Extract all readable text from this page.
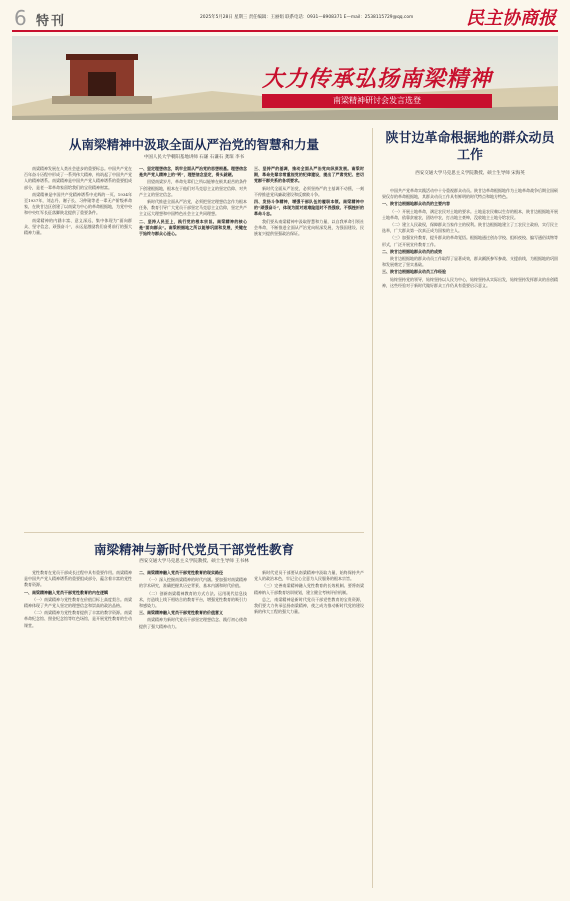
6 特刊	2025年5月28日 星期三 责任编辑：王丽娟 联系电话：0931—8908371 E—mail：2538115729@qq.com	民主协商报
大力传承弘扬南梁精神
南梁精神研讨会发言选登
从南梁精神中汲取全面从严治党的智慧和力量
中国人民大学朝阳基地讲师 石谦 石谦石 龚琛 李书

南梁精神发展在人类社会进步的重要标志。中国共产党在百年奋斗历程中形成了一系列伟大精神，构筑起了中国共产党人的精神谱系。南梁精神是中国共产党人精神谱系的重要组成部分，是老一辈革命家留给我们的宝贵精神财富。

南梁精神是中国共产党精神谱系中光辉的一页。1934年至1937年，刘志丹、谢子长、习仲勋等老一辈无产阶级革命家，在陕甘边区创建了以南梁为中心的革命根据地，为党中央和中央红军长征落脚陕北提供了重要条件。

南梁精神的内涵丰富、意义深远，集中体现为“面向群众、坚守信念、顽强奋斗”，永远是激励我们奋勇前行的强大精神力量。

一、坚定理想信念，筑牢全面从严治党的思想根基。理想信念是共产党人精神上的“钙”，理想信念坚定，骨头就硬。

回望南梁岁月，革命先辈们之所以能够在极其艰苦的条件下创建根据地，根本在于他们对马克思主义的坚定信仰、对共产主义的坚定信念。

新时代推进全面从严治党，必须把坚定理想信念作为根本任务，教育引导广大党员干部坚定马克思主义信仰，坚定共产主义远大理想和中国特色社会主义共同理想。

二、坚持人民至上，践行党的根本宗旨。南梁精神的核心是“面向群众”。南梁根据地之所以能够巩固和发展，关键在于始终与群众心连心。

三、坚持严的基调，推动全面从严治党向纵深发展。南梁时期，革命先辈非常重视党的纪律建设，提出了严肃党纪、密切党群干群关系的各项要求。

新时代全面从严治党，必须坚持严的主基调不动摇，一刻不停推进党风廉政建设和反腐败斗争。

四、发扬斗争精神，增强干部队伍的履职本领。南梁精神中的“顽强奋斗”，体现为面对艰难险阻时不畏强敌、不惧挫折的革命斗志。

我们要从南梁精神中汲取智慧和力量，以自我革命引领社会革命，不断推进全面从严治党向纵深发展，为强国建设、民族复兴提供坚强政治保证。

陕甘边革命根据地的群众动员工作
西安交通大学马克思主义学院教授、硕士生导师 宋海英

中国共产党革命实践活动中十分重视群众动员。陕甘边革命根据地作为土地革命战争后期全国硕果仅存的革命根据地，其群众动员工作具有鲜明的时代特点和地方特色。

一、陕甘边根据地群众动员的主要内容

（一）开展土地革命，满足农民对土地的要求。土地是农民赖以生存的根本，陕甘边根据地开展土地革命，依靠贫雇农，团结中农，打击地主豪绅，没收地主土地分给农民。

（二）建立人民政权，保障群众当家作主的权利。陕甘边根据地建立了工农民主政府，实行民主选举，广大群众第一次真正成为国家的主人。

（三）加强宣传教育，提升群众的革命觉悟。根据地通过创办学校、组织夜校、编写通俗读物等形式，广泛开展宣传教育工作。

二、陕甘边根据地群众动员的成效

陕甘边根据地的群众动员工作取得了显著成效，群众踊跃参军参战、支援前线，为根据地的巩固和发展奠定了坚实基础。

三、陕甘边根据地群众动员工作经验

始终坚持党的领导，始终坚持以人民为中心，始终坚持从实际出发，始终坚持发挥群众的首创精神，这些经验对于新时代做好群众工作仍具有重要启示意义。

南梁精神与新时代党员干部党性教育
西安交通大学马克思主义学院教授、硕士生导师 王书林

党性教育在党员干部成长过程中具有重要作用。南梁精神是中国共产党人精神谱系的重要组成部分，蕴含着丰富的党性教育资源。

一、南梁精神融入党员干部党性教育的内在逻辑

（一）南梁精神与党性教育在价值目标上高度契合。南梁精神体现了共产党人坚定的理想信念和崇高的政治品格。

（二）南梁精神为党性教育提供了丰富的教学资源。南梁革命纪念馆、照金纪念馆等红色场馆，是开展党性教育的生动课堂。

二、南梁精神融入党员干部党性教育的现实路径

（一）深入挖掘南梁精神的时代内涵。要加强对南梁精神的学术研究，准确把握其历史背景、基本内涵和时代价值。

（二）创新南梁精神教育的方式方法。运用现代信息技术，打造线上线下相结合的教育平台，增强党性教育的吸引力和感染力。

三、南梁精神融入党员干部党性教育的价值意义

南梁精神为新时代党员干部坚定理想信念、践行初心使命提供了强大精神动力。

新时代党员干部要从南梁精神中汲取力量，始终保持共产党人的政治本色，牢记全心全意为人民服务的根本宗旨。

（三）完善南梁精神融入党性教育的长效机制。要将南梁精神纳入干部教育培训规划，建立健全考核评价机制。

总之，南梁精神是新时代党员干部党性教育的宝贵资源，我们要大力传承弘扬南梁精神，使之成为推动新时代党的建设新的伟大工程的强大力量。
